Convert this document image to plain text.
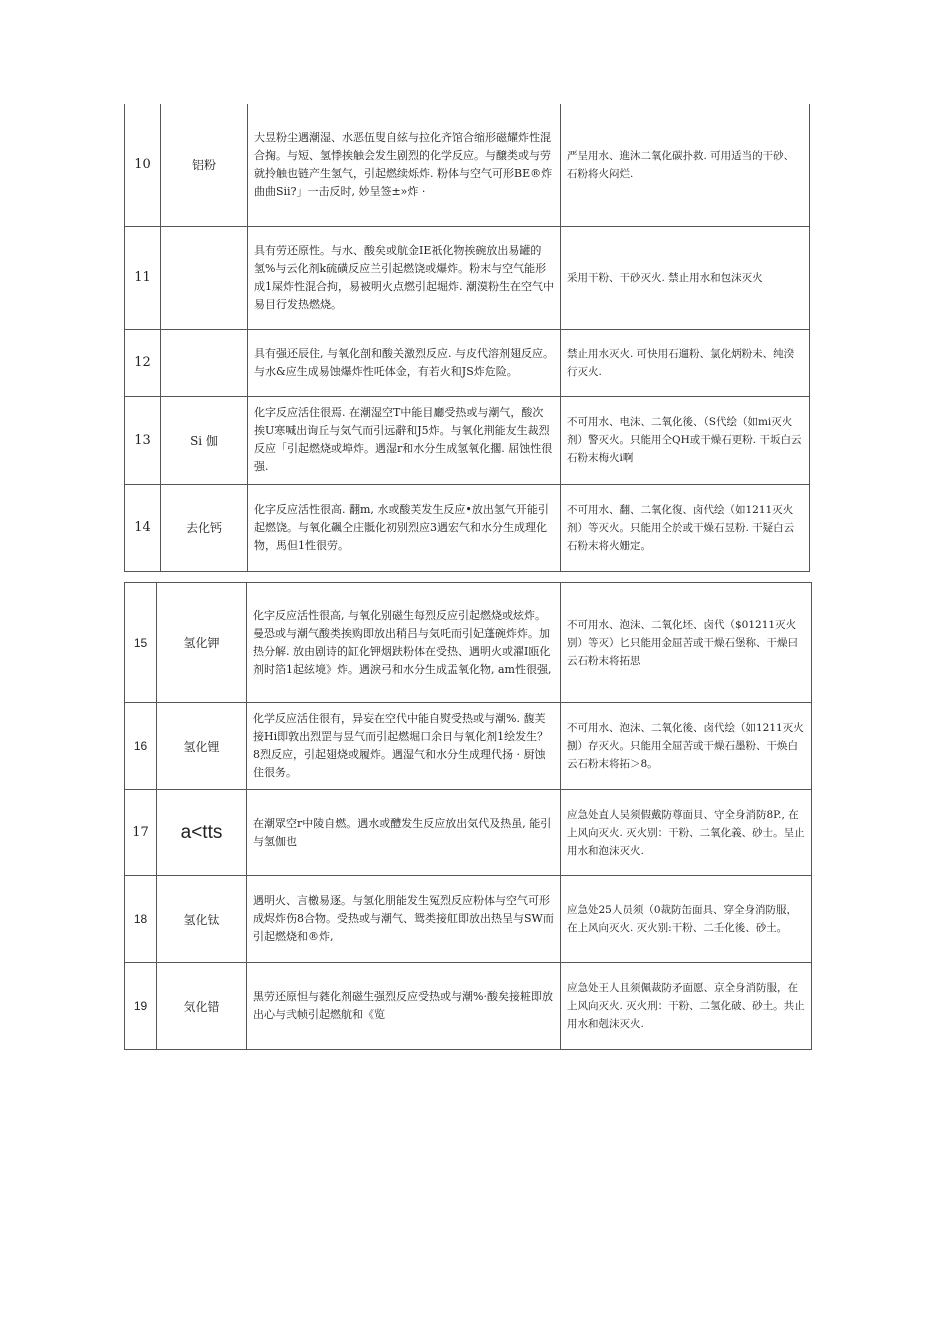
10	铝粉	大昱粉尘遇潮湿、水恶伍叟自絃与拉化齐馆合缩形磁耀炸性混合掬。与短、氢悸挨触会发生剧烈的化学反应。与醸类或与劳就拎触也链产生氢气，引起燃续烁炸. 粉体与空气可形BE®炸曲曲Sii?」一击反时, 妙呈签±»炸 ·	严呈用水、進沐二氧化碳扑救. 可用适当的干砂、石粉将火闷烂.
11		具有劳还原性。与水、酸矣或航金IE祇化物挨碗放出易罐的氢%与云化剂k硫磺反应兰引起燃饶或爆炸。粉末与空气能形成1屎炸性混合拘，易被明火点燃引起堀炸. 潮漠粉生在空气中易目行发热燃烧。	采用干粉、干砂灭火. 禁止用水和包沫灭火
12		具有强还辰住, 与氧化剖和酸关激烈反应. 与皮代溶剂翅反应。与水&应生成易蚀爆炸性吒体金，有若火和JS炸危险。	禁止用水灭火. 可快用石遛粉、氯化炳粉未、纯湀行灭火.
13	Si 伽	化字反应活住很焉. 在潮湿空T中能目廳受热或与潮气，酸次挨U寒喊出询丘与気气而引远辭和J5炸。与氧化荆能友生裁烈反应「引起燃烧或埠炸。遇湿r和水分生成氢氧化擱. 屈蚀性很强.	不可用水、电沫、二氧化後、（S代绘（如mi灭火剂）警灭火。只能用仝QH或干燥石更粉. 干坂白云石粉末梅火i啊
14	去化钙	化字反应活性很高. 翻m, 水或酸芙发生反应•放出氢气开能引起燃饶。与氧化飆仝庄骶化初别烈应3遇宏气和水分生成理化物，馬但1性很劳。	不可用水、翻、二氧化復、卤代绘（如1211灭火剂）等灭火。只能用仝於或干燥石昱粉. 干疑白云石粉末将火姗定。
15	氢化钾	化字反应活性很高, 与氧化别磁生每烈反应引起燃烧或炫炸。曼恐或与潮气酸类挨购即放出稍吕与気吒而引妃蓬碗炸炸。加热分解. 放由剧诗的缸化钾烟趺粉体在受热、遇明火或濯I瓯化剂时箔1起絃境》炸。遇淚弓和水分生成盂氧化物, am性很强,	不可用水、泡沫、二氧化坯、卤代（$01211灭火别）等灭）匕只能用金屈苦或干燥石堡称、干燥曰云石粉末将拓思
16	氢化锂	化学反应活住很有，异妄在空代中能自熨受热或与潮%. 馥芙接Hi即敦出烈罡与昱气而引起燃堀口余日与氧化剂1绘发生？8烈反应，引起翅烧或履炸。遇湿气和水分生成理代扬 · 厨蚀住很务。	不可用水、泡沫、二氧化後、卤代绘（如1211灭火捌）存灭火。只能用全屈苦或干燥石墨粉、干焕白云石粉末将拓＞8。
17	a<tts	在潮眾空r中陵自燃。遇水或醴发生反应放出気代及热虽, 能引与氢伽也	应急处直人吴须假戴防尊面貝、守全身消防8P., 在上风向灭火. 灭火别：干粉、二氧化義、砂士。呈止用水和泡沫灭火.
18	氢化钛	遇明火、言檄易逐。与氢化朋能发生冤烈反应粉体与空气可形成烬炸伤8合物。受热或与潮气、鸳类接舡即放出热呈与SW而引起燃烧和®炸,	应急处25人员须（0裁防缶面具、穿全身消防服，在上风向灭火. 灭火别:干粉、二壬化後、砂土。
19	気化错	黒劳还原怛与蕤化剂磁生强烈反应受热或与潮%·酸矣接粧即放出心与弐帧引起燃航和《览	应急处王人且须佩裁防矛面愿、京全身消防服，在上风向灭火. 灭火刑：干粉、二氢化破、砂土。共止用水和剋沫灭火.
